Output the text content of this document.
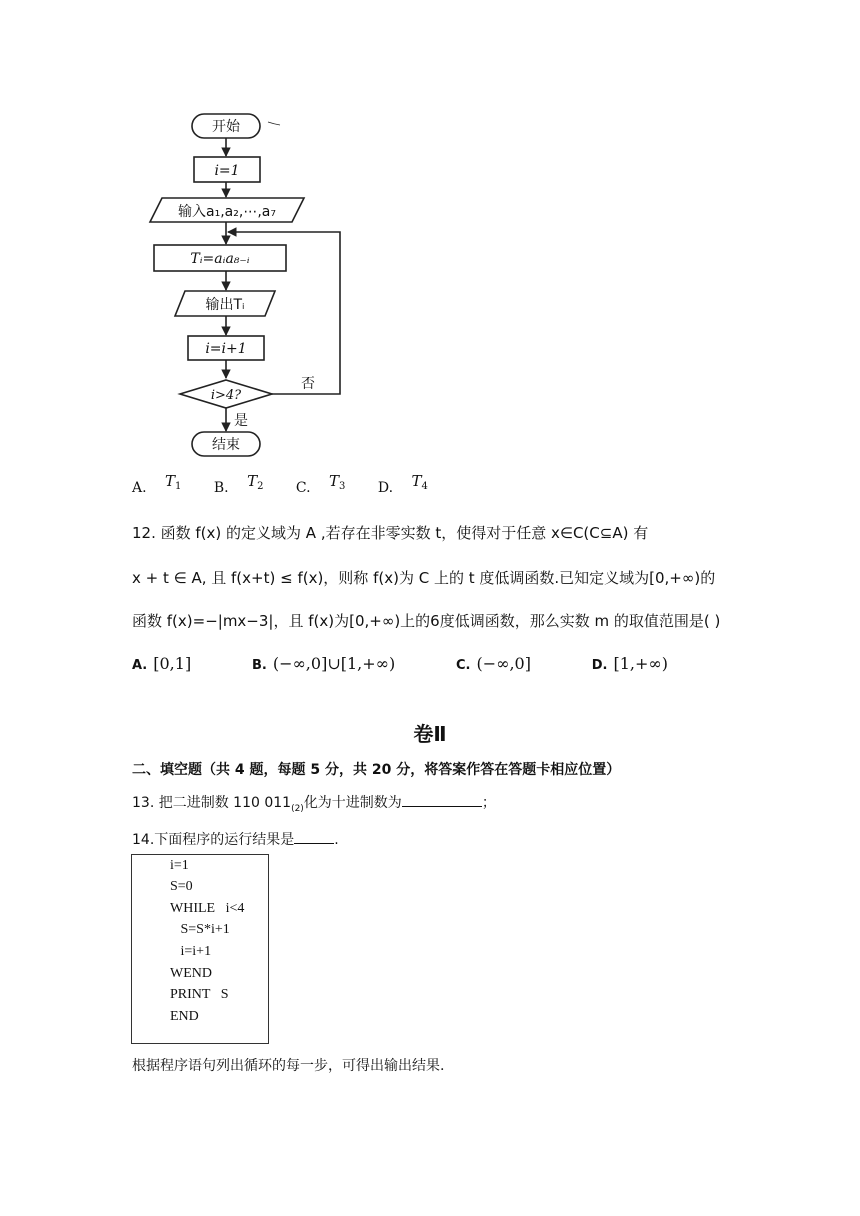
开始
i=1
输入a₁,a₂,⋯,a₇
Tᵢ=aᵢa₈₋ᵢ
输出Tᵢ
i=i+1
i>4?
否
是
结束
A. $T^1$ B. $T^2$ C. $T^3$ D. $T^4$
12. 函数 f(x) 的定义域为 A ,若存在非零实数 t，使得对于任意 x∈C(C⊆A) 有
x + t ∈ A, 且 f(x+t) ≤ f(x)，则称 f(x)为 C 上的 t 度低调函数.已知定义域为[0,+∞)的
函数 f(x)=−|mx−3|，且 f(x)为[0,+∞)上的6度低调函数，那么实数 m 的取值范围是( )
A. [0,1]	B. (−∞,0]∪[1,+∞)	C. (−∞,0]	D. [1,+∞)
卷Ⅱ
二、填空题（共 4 题，每题 5 分，共 20 分，将答案作答在答题卡相应位置）
13. 把二进制数 110 $011_{(2)}$化为十进制数为	；
14.下面程序的运行结果是	.
i=1
S=0
WHILE   i<4
S=S*i+1
i=i+1
WEND
PRINT   S
END
根据程序语句列出循环的每一步，可得出输出结果.
